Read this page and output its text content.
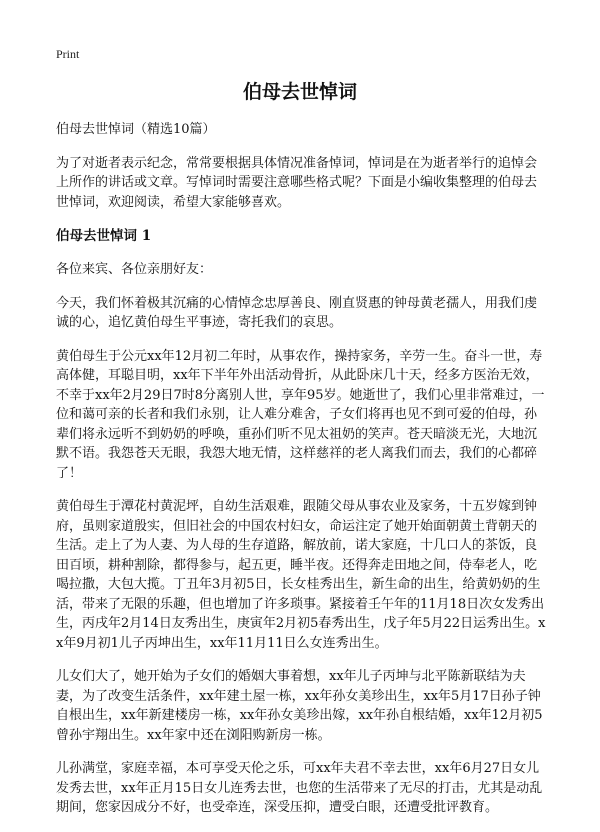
Print
伯母去世悼词

伯母去世悼词（精选10篇）

为了对逝者表示纪念，常常要根据具体情况准备悼词，悼词是在为逝者举行的追悼会上所作的讲话或文章。写悼词时需要注意哪些格式呢？下面是小编收集整理的伯母去世悼词，欢迎阅读，希望大家能够喜欢。

伯母去世悼词 1

各位来宾、各位亲朋好友：

今天，我们怀着极其沉痛的心情悼念忠厚善良、刚直贤惠的钟母黄老孺人，用我们虔诚的心，追忆黄伯母生平事迹，寄托我们的哀思。

黄伯母生于公元xx年12月初二年时，从事农作，操持家务，辛劳一生。奋斗一世，寿高体健，耳聪目明，xx年下半年外出活动骨折，从此卧床几十天，经多方医治无效，不幸于xx年2月29日7时8分离别人世，享年95岁。她逝世了，我们心里非常难过，一位和蔼可亲的长者和我们永别，让人难分难舍，子女们将再也见不到可爱的伯母，孙辈们将永远听不到奶奶的呼唤，重孙们听不见太祖奶的笑声。苍天暗淡无光，大地沉默不语。我怨苍天无眼，我怨大地无情，这样慈祥的老人离我们而去，我们的心都碎了！

黄伯母生于潭花村黄泥坪，自幼生活艰难，跟随父母从事农业及家务，十五岁嫁到钟府，虽则家道殷实，但旧社会的中国农村妇女，命运注定了她开始面朝黄土背朝天的生活。走上了为人妻、为人母的生存道路，解放前，诺大家庭，十几口人的茶饭，良田百顷，耕种割除，都得参与，起五更，睡半夜。还得奔走田地之间，侍奉老人，吃喝拉撒，大包大揽。丁丑年3月初5日，长女桂秀出生，新生命的出生，给黄奶奶的生活，带来了无限的乐趣，但也增加了许多琐事。紧接着壬午年的11月18日次女发秀出生，丙戌年2月14日友秀出生，庚寅年2月初5春秀出生，戊子年5月22日运秀出生。xx年9月初1儿子丙坤出生，xx年11月11日么女连秀出生。

儿女们大了，她开始为子女们的婚姻大事着想，xx年儿子丙坤与北平陈新联结为夫妻，为了改变生活条件，xx年建土屋一栋，xx年孙女美珍出生，xx年5月17日孙子钟自根出生，xx年新建楼房一栋，xx年孙女美珍出嫁，xx年孙自根结婚，xx年12月初5曾孙宇翔出生。xx年家中还在浏阳购新房一栋。

儿孙满堂，家庭幸福，本可享受天伦之乐，可xx年夫君不幸去世，xx年6月27日女儿发秀去世，xx年正月15日女儿连秀去世，也您的生活带来了无尽的打击，尤其是动乱期间，您家因成分不好，也受牵连，深受压抑，遭受白眼，还遭受批评教育。
